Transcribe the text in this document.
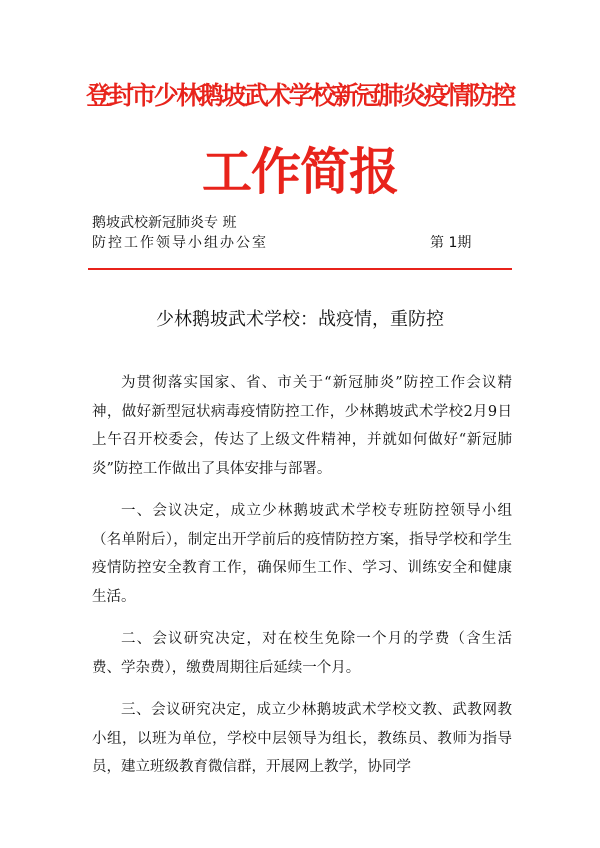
登封市少林鹅坡武术学校新冠肺炎疫情防控
工作简报
鹅坡武校新冠肺炎专 班
防控工作领导小组办公室	第 1期
少林鹅坡武术学校：战疫情，重防控

为贯彻落实国家、省、市关于“新冠肺炎”防控工作会议精神，做好新型冠状病毒疫情防控工作，少林鹅坡武术学校2月9日上午召开校委会，传达了上级文件精神，并就如何做好“新冠肺炎”防控工作做出了具体安排与部署。

一、会议决定，成立少林鹅坡武术学校专班防控领导小组（名单附后），制定出开学前后的疫情防控方案，指导学校和学生疫情防控安全教育工作，确保师生工作、学习、训练安全和健康生活。

二、会议研究决定，对在校生免除一个月的学费（含生活费、学杂费），缴费周期往后延续一个月。

三、会议研究决定，成立少林鹅坡武术学校文教、武教网教小组，以班为单位，学校中层领导为组长，教练员、教师为指导员，建立班级教育微信群，开展网上教学，协同学
